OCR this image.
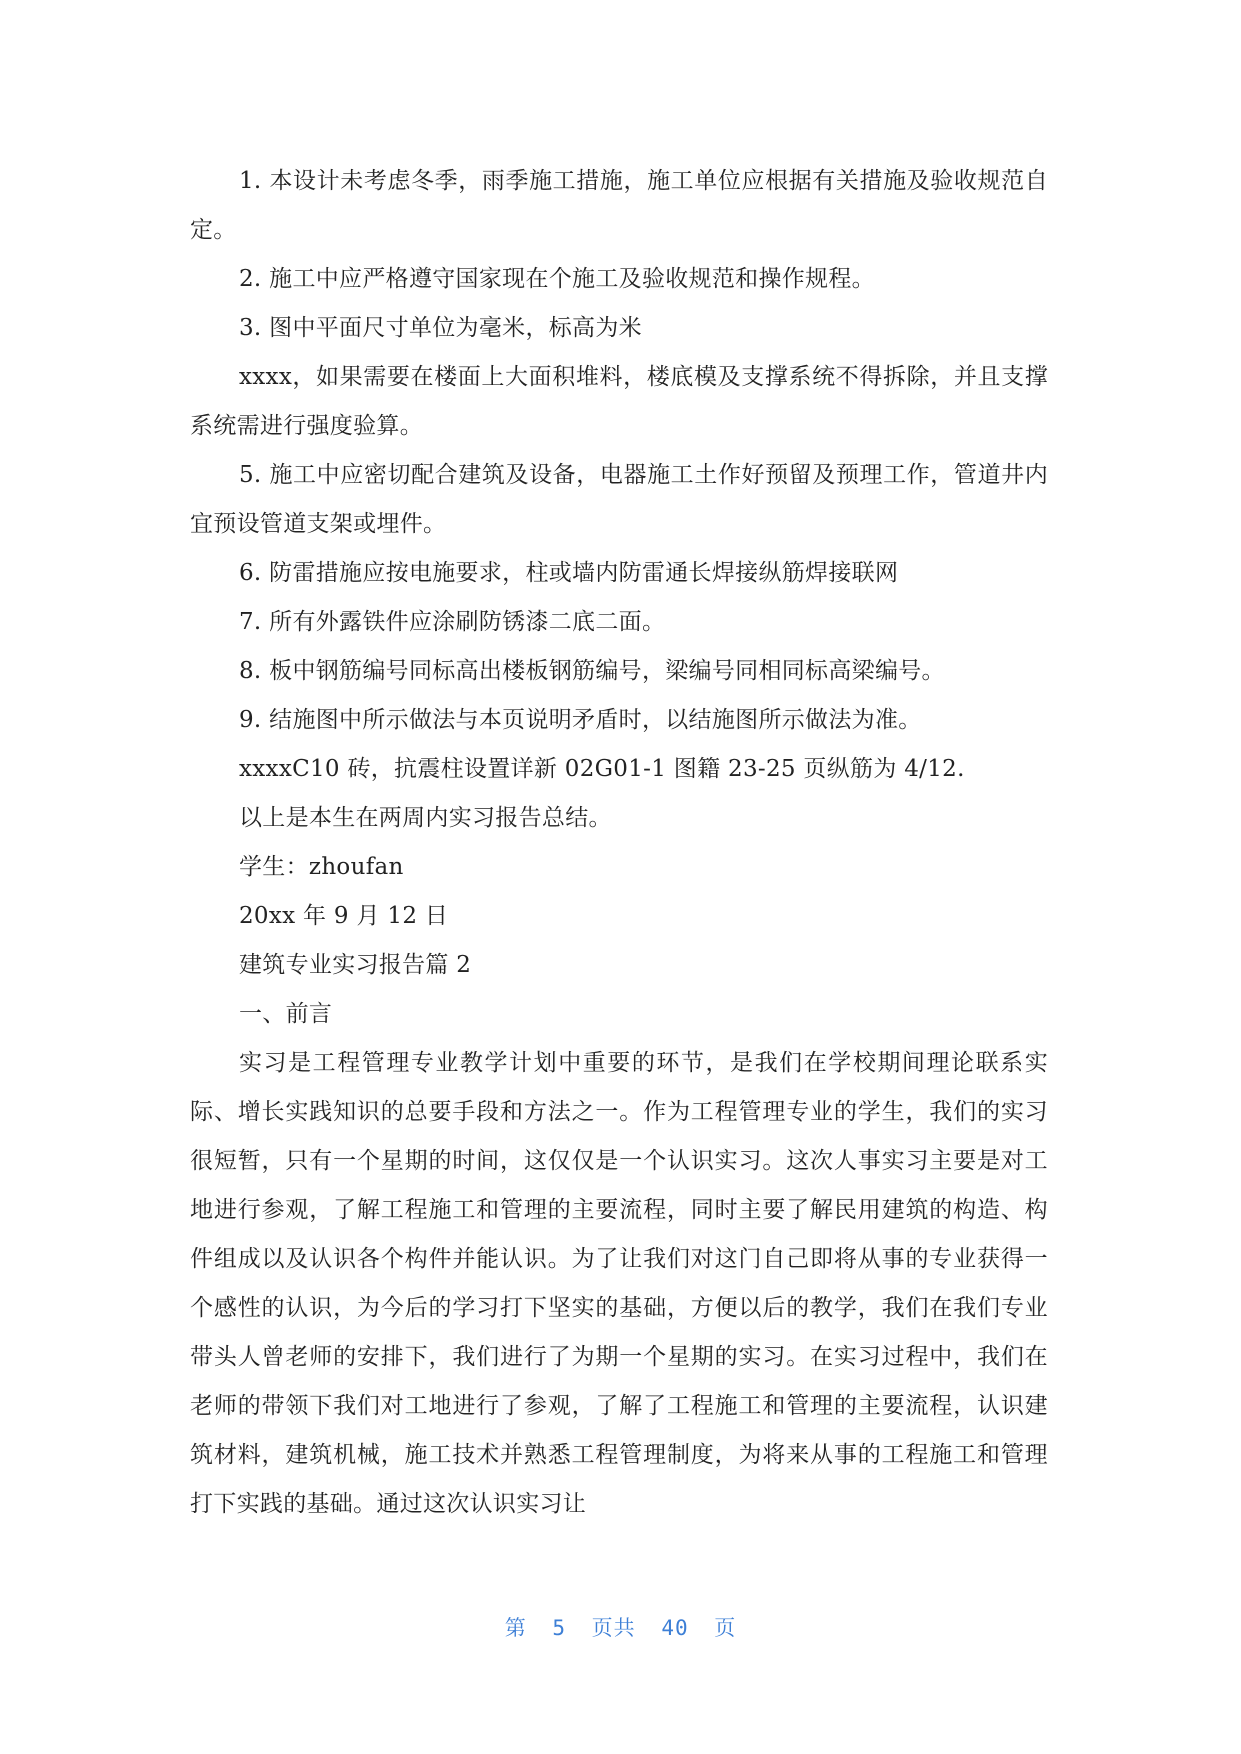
1. 本设计未考虑冬季，雨季施工措施，施工单位应根据有关措施及验收规范自定。

2. 施工中应严格遵守国家现在个施工及验收规范和操作规程。

3. 图中平面尺寸单位为毫米，标高为米

xxxx，如果需要在楼面上大面积堆料，楼底模及支撑系统不得拆除，并且支撑系统需进行强度验算。

5. 施工中应密切配合建筑及设备，电器施工土作好预留及预理工作，管道井内宜预设管道支架或埋件。

6. 防雷措施应按电施要求，柱或墙内防雷通长焊接纵筋焊接联网

7. 所有外露铁件应涂刷防锈漆二底二面。

8. 板中钢筋编号同标高出楼板钢筋编号，梁编号同相同标高梁编号。

9. 结施图中所示做法与本页说明矛盾时，以结施图所示做法为准。

xxxxC10 砖，抗震柱设置详新 02G01-1 图籍 23-25 页纵筋为 4/12.

以上是本生在两周内实习报告总结。

学生：zhoufan

20xx 年 9 月 12 日

建筑专业实习报告篇 2

一、前言

实习是工程管理专业教学计划中重要的环节，是我们在学校期间理论联系实际、增长实践知识的总要手段和方法之一。作为工程管理专业的学生，我们的实习很短暂，只有一个星期的时间，这仅仅是一个认识实习。这次人事实习主要是对工地进行参观，了解工程施工和管理的主要流程，同时主要了解民用建筑的构造、构件组成以及认识各个构件并能认识。为了让我们对这门自己即将从事的专业获得一个感性的认识，为今后的学习打下坚实的基础，方便以后的教学，我们在我们专业带头人曾老师的安排下，我们进行了为期一个星期的实习。在实习过程中，我们在老师的带领下我们对工地进行了参观，了解了工程施工和管理的主要流程，认识建筑材料，建筑机械，施工技术并熟悉工程管理制度，为将来从事的工程施工和管理打下实践的基础。通过这次认识实习让

第 5 页共 40 页
